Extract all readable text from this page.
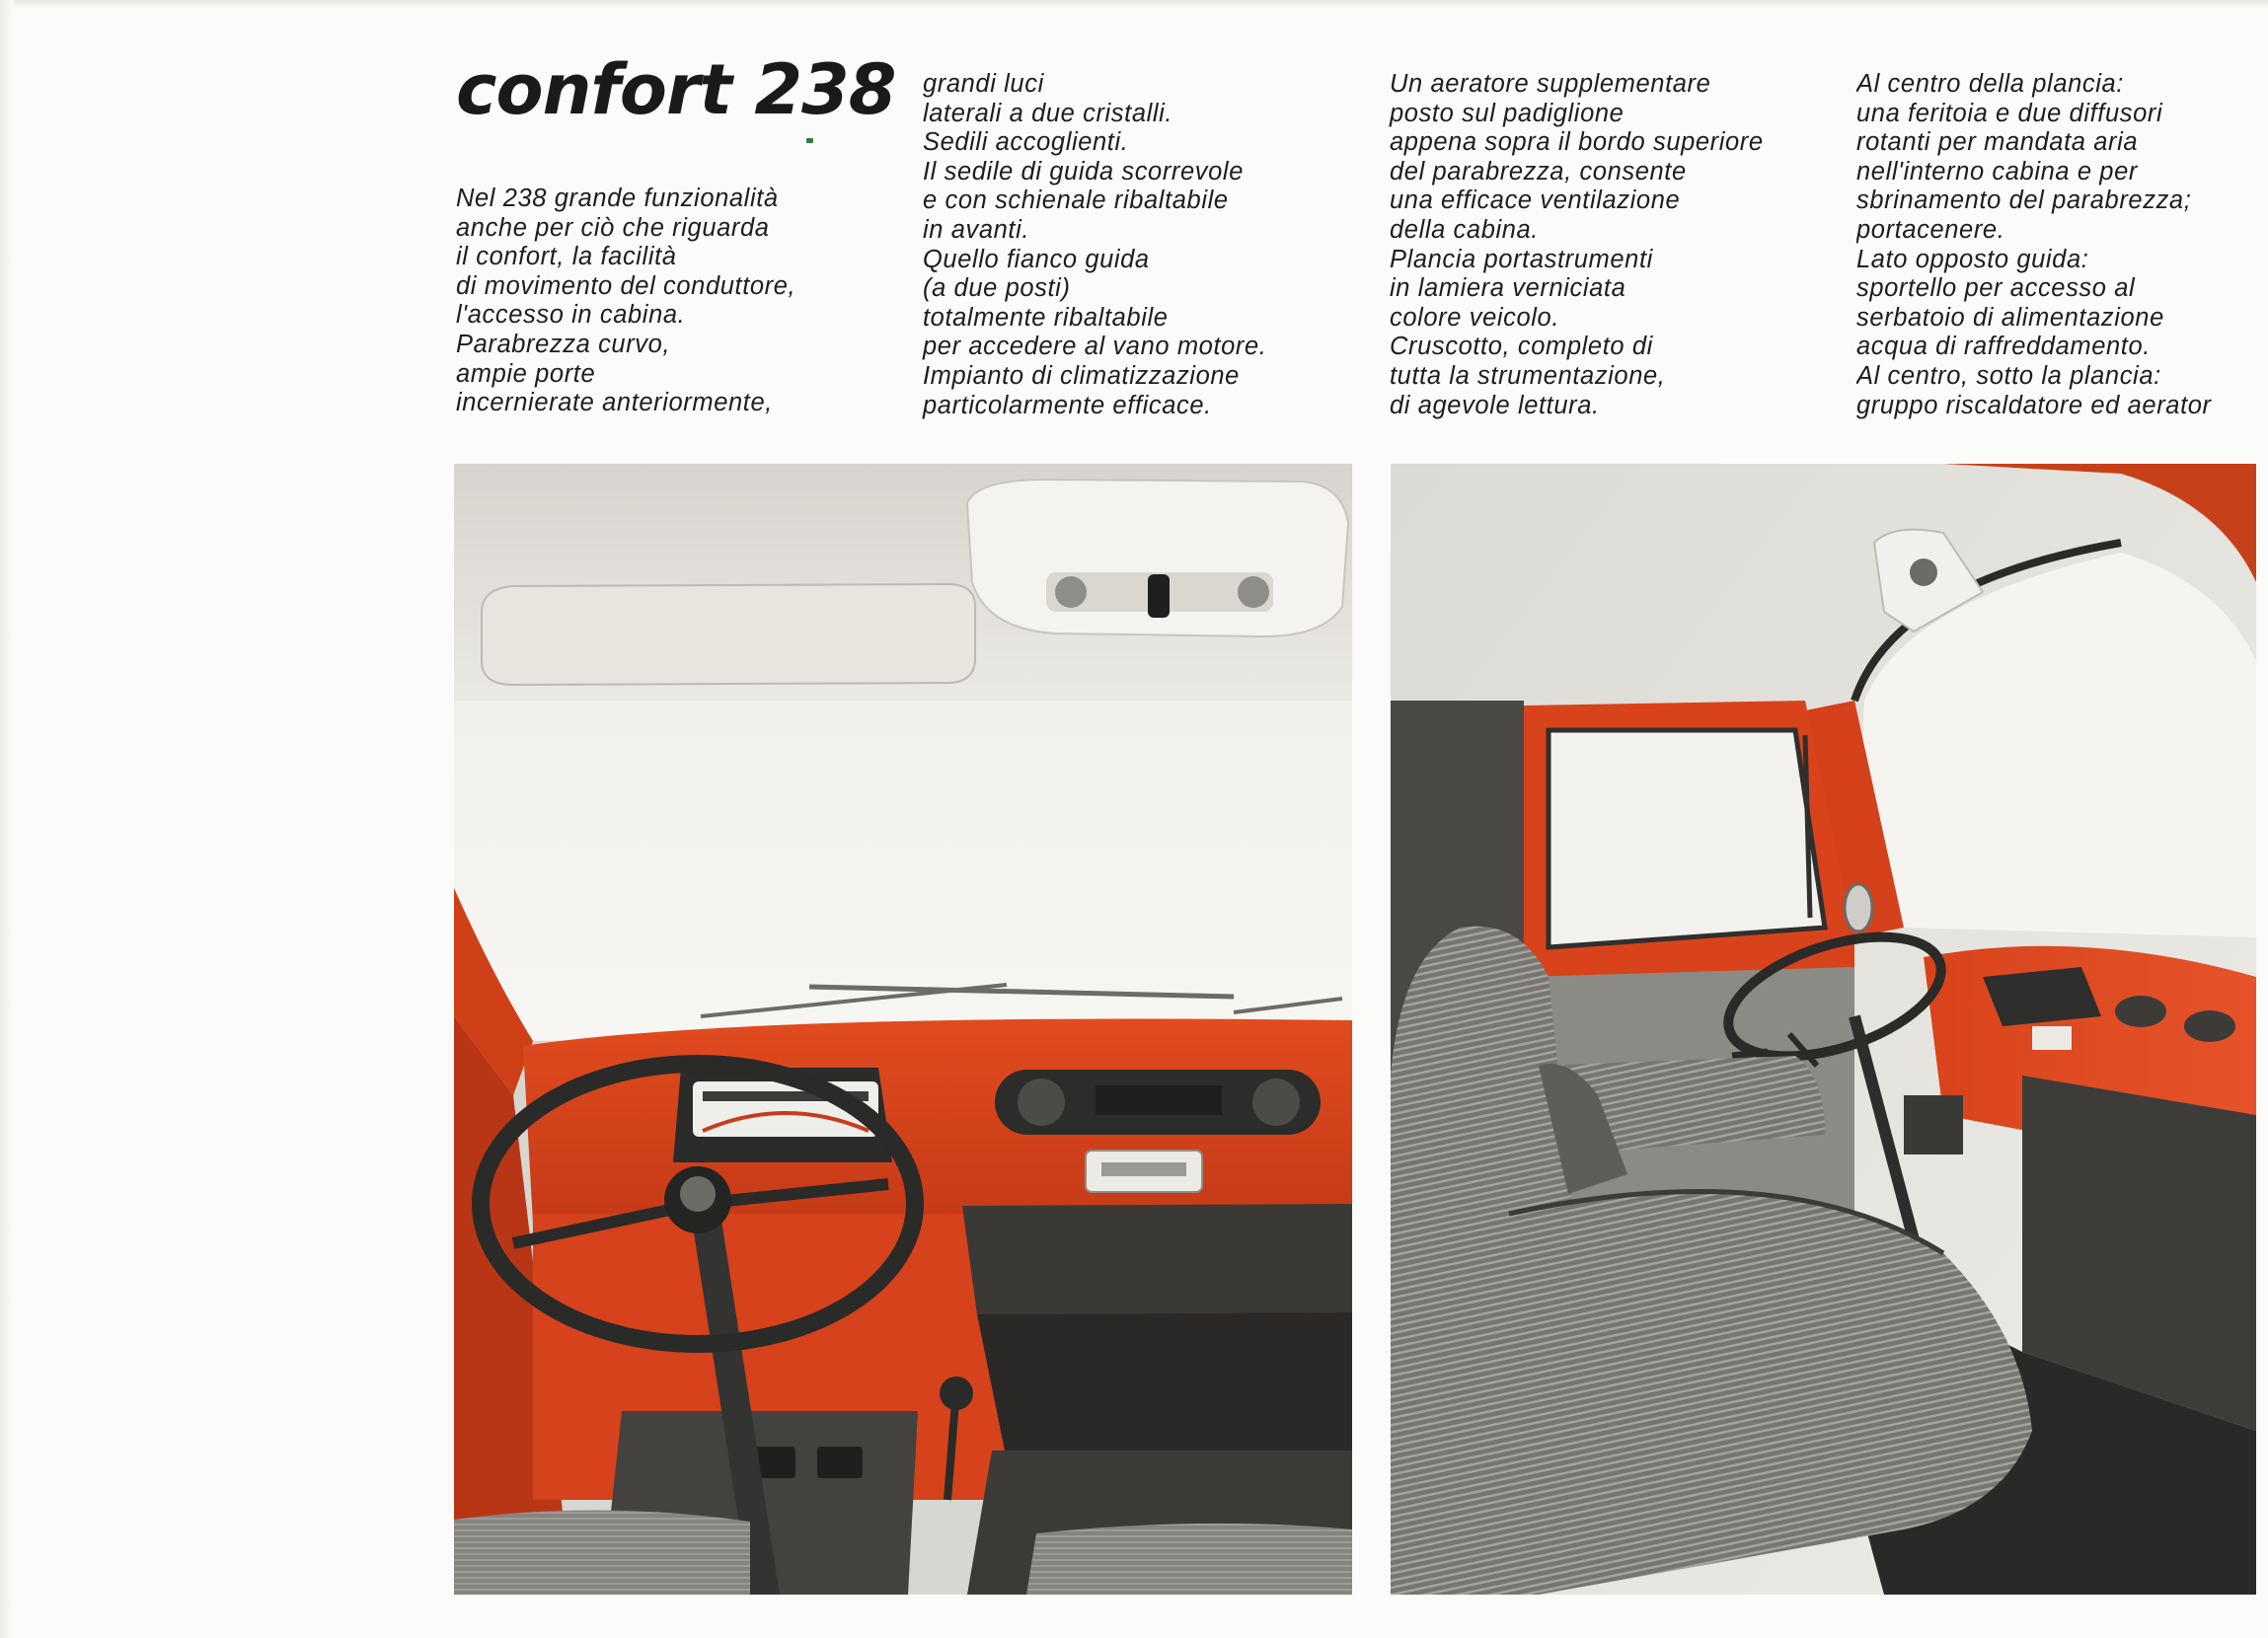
confort 238

Nel 238 grande funzionalità

anche per ciò che riguarda

il confort, la facilità

di movimento del conduttore,

l'accesso in cabina.

Parabrezza curvo,

ampie porte

incernierate anteriormente,

grandi luci

laterali a due cristalli.

Sedili accoglienti.

Il sedile di guida scorrevole

e con schienale ribaltabile

in avanti.

Quello fianco guida

(a due posti)

totalmente ribaltabile

per accedere al vano motore.

Impianto di climatizzazione

particolarmente efficace.

Un aeratore supplementare

posto sul padiglione

appena sopra il bordo superiore

del parabrezza, consente

una efficace ventilazione

della cabina.

Plancia portastrumenti

in lamiera verniciata

colore veicolo.

Cruscotto, completo di

tutta la strumentazione,

di agevole lettura.

Al centro della plancia:

una feritoia e due diffusori

rotanti per mandata aria

nell'interno cabina e per

sbrinamento del parabrezza;

portacenere.

Lato opposto guida:

sportello per accesso al

serbatoio di alimentazione

acqua di raffreddamento.

Al centro, sotto la plancia:

gruppo riscaldatore ed aerator
